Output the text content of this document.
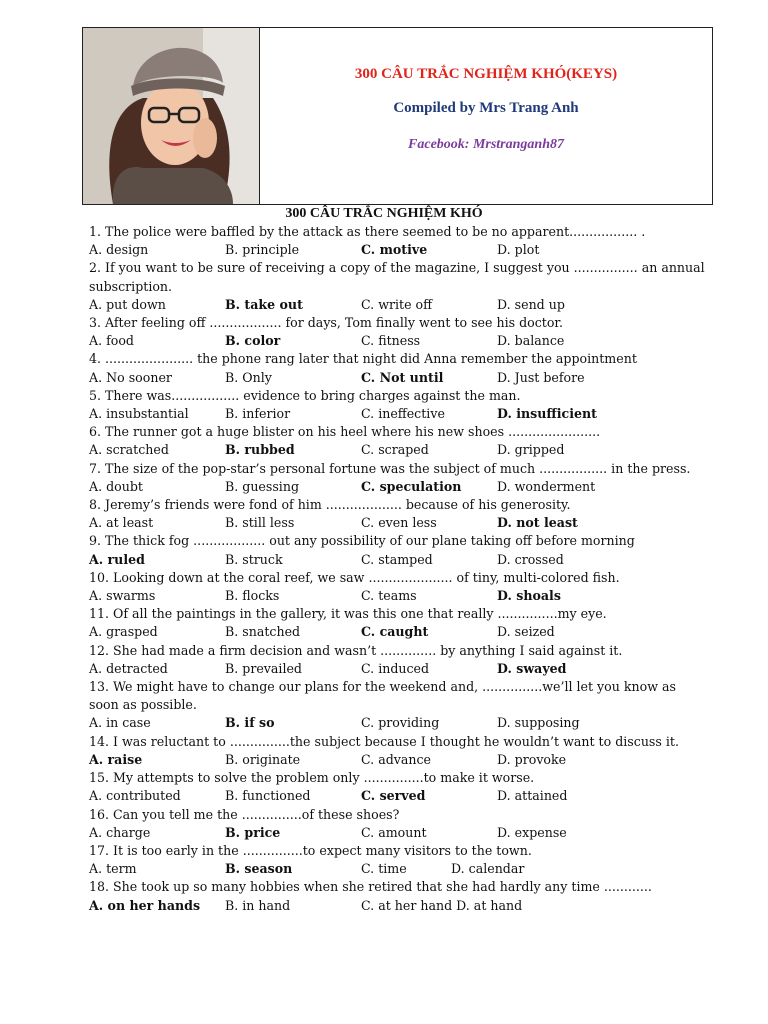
300 CÂU TRẮC NGHIỆM KHÓ(KEYS)
Compiled by Mrs Trang Anh
Facebook: Mrstranganh87
300 CÂU TRẮC NGHIỆM KHÓ
1. The police were baffled by the attack as there seemed to be no apparent................. .
A. design	B. principle	C. motive	D. plot
2. If you want to be sure of receiving a copy of the magazine, I suggest you ................ an annual subscription.
A. put down	B. take out	C. write off	D. send up
3. After feeling off .................. for days, Tom finally went to see his doctor.
A. food	B. color	C. fitness	D. balance
4. ...................... the phone rang later that night did Anna remember the appointment
A. No sooner	B. Only	C. Not until	D. Just before
5. There was................. evidence to bring charges against the man.
A. insubstantial	B. inferior	C. ineffective	D. insufficient
6. The runner got a huge blister on his heel where his new shoes .......................
A. scratched	B. rubbed	C. scraped	D. gripped
7. The size of the pop-star’s personal fortune was the subject of much ................. in the press.
A. doubt	B. guessing	C. speculation	D. wonderment
8. Jeremy’s friends were fond of him ................... because of his generosity.
A. at least	B. still less	C. even less	D. not least
9. The thick fog .................. out any possibility of our plane taking off before morning
A. ruled	B. struck	C. stamped	D. crossed
10. Looking down at the coral reef, we saw ..................... of tiny, multi-colored fish.
A. swarms	B. flocks	C. teams	D. shoals
11. Of all the paintings in the gallery, it was this one that really ...............my eye.
A. grasped	B. snatched	C. caught	D. seized
12. She had made a firm decision and wasn’t .............. by anything I said against it.
A. detracted	B. prevailed	C. induced	D. swayed
13. We might have to change our plans for the weekend and, ...............we’ll let you know as soon as possible.
A. in case	B. if so	C. providing	D. supposing
14. I was reluctant to ...............the subject because I thought he wouldn’t want to discuss it.
A. raise	B. originate	C. advance	D. provoke
15. My attempts to solve the problem only ...............to make it worse.
A. contributed	B. functioned	C. served	D. attained
16. Can you tell me the ...............of these shoes?
A. charge	B. price	C. amount	D. expense
17. It is too early in the ...............to expect many visitors to the town.
A. term	B. season	C. time	D. calendar
18. She took up so many hobbies when she retired that she had hardly any time ............
A. on her hands	B. in hand	C. at her hand D. at hand
